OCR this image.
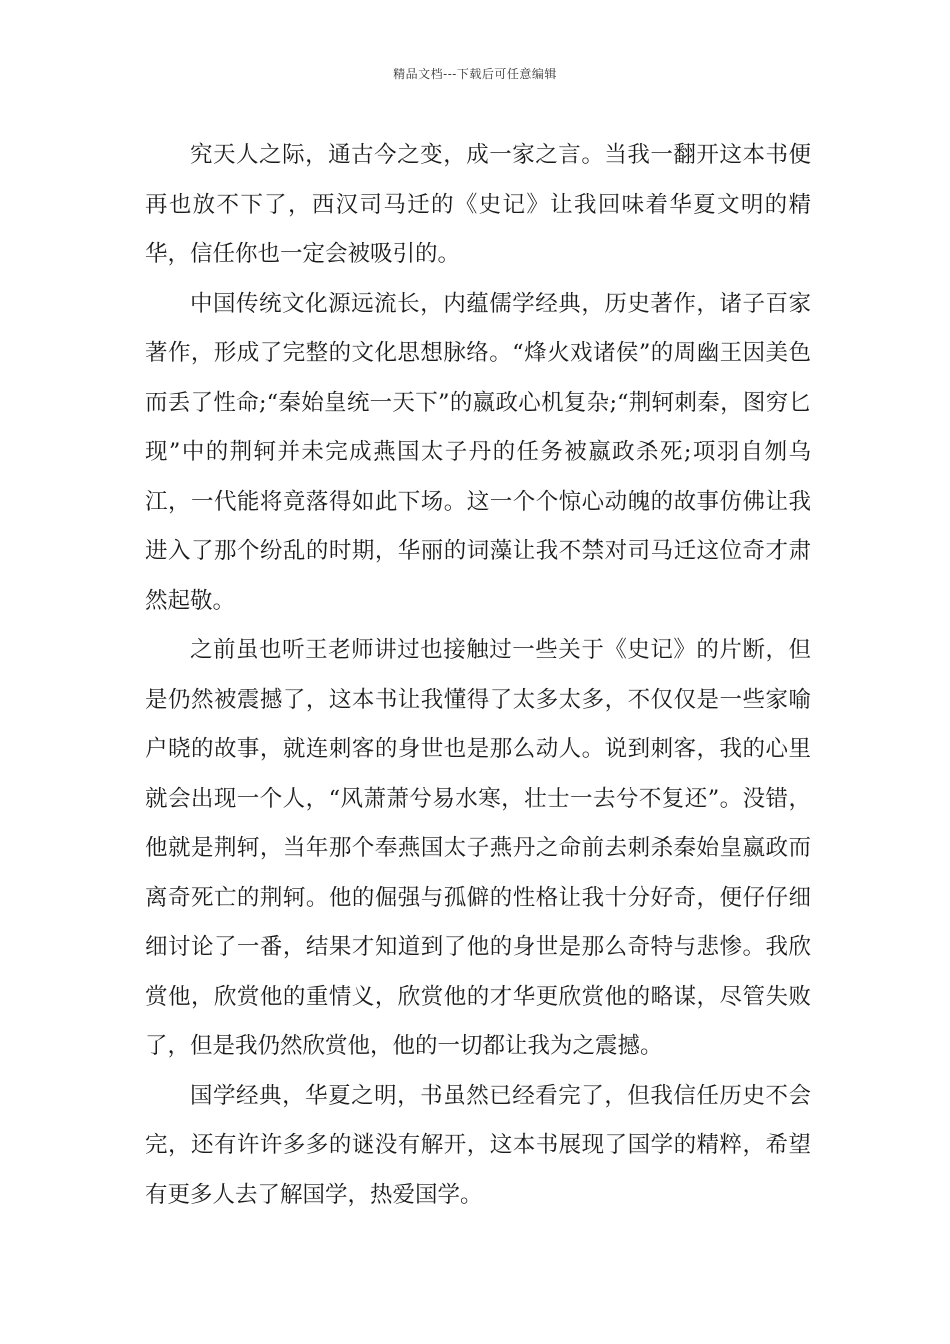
精品文档---下载后可任意编辑

究天人之际，通古今之变，成一家之言。当我一翻开这本书便再也放不下了，西汉司马迁的《史记》让我回味着华夏文明的精华，信任你也一定会被吸引的。

中国传统文化源远流长，内蕴儒学经典，历史著作，诸子百家著作，形成了完整的文化思想脉络。“烽火戏诸侯”的周幽王因美色而丢了性命;“秦始皇统一天下”的嬴政心机复杂;“荆轲刺秦，图穷匕现”中的荆轲并未完成燕国太子丹的任务被嬴政杀死;项羽自刎乌江，一代能将竟落得如此下场。这一个个惊心动魄的故事仿佛让我进入了那个纷乱的时期，华丽的词藻让我不禁对司马迁这位奇才肃然起敬。

之前虽也听王老师讲过也接触过一些关于《史记》的片断，但是仍然被震撼了，这本书让我懂得了太多太多，不仅仅是一些家喻户晓的故事，就连刺客的身世也是那么动人。说到刺客，我的心里就会出现一个人，“风萧萧兮易水寒，壮士一去兮不复还”。没错，他就是荆轲，当年那个奉燕国太子燕丹之命前去刺杀秦始皇嬴政而离奇死亡的荆轲。他的倔强与孤僻的性格让我十分好奇，便仔仔细细讨论了一番，结果才知道到了他的身世是那么奇特与悲惨。我欣赏他，欣赏他的重情义，欣赏他的才华更欣赏他的略谋，尽管失败了，但是我仍然欣赏他，他的一切都让我为之震撼。

国学经典，华夏之明，书虽然已经看完了，但我信任历史不会完，还有许许多多的谜没有解开，这本书展现了国学的精粹，希望有更多人去了解国学，热爱国学。
